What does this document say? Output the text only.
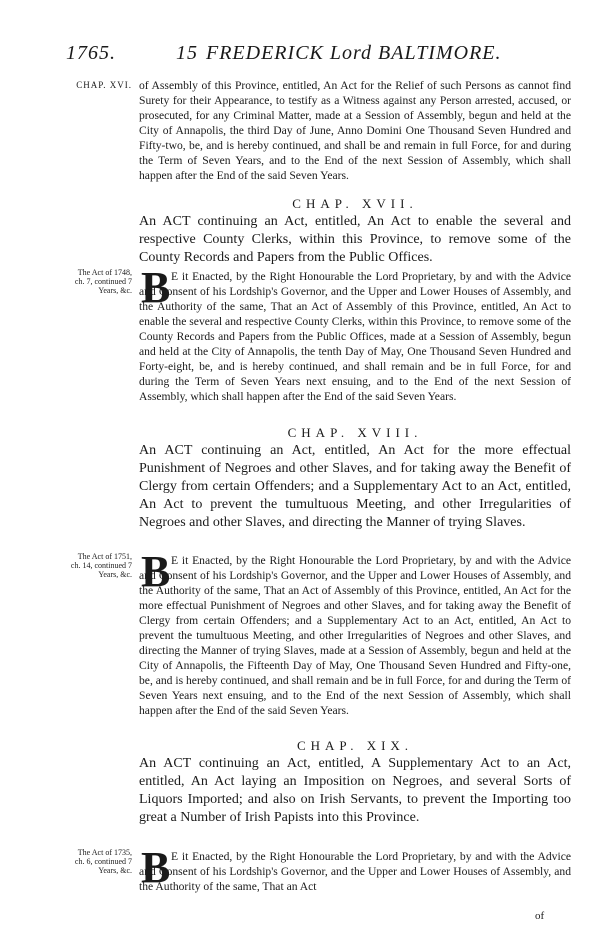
1765.	15 FREDERICK Lord BALTIMORE.
CHAP. XVI. of Assembly of this Province, entitled, An Act for the Relief of such Persons as cannot find Surety for their Appearance, to testify as a Witness against any Person arrested, accused, or prosecuted, for any Criminal Matter, made at a Session of Assembly, begun and held at the City of Annapolis, the third Day of June, Anno Domini One Thousand Seven Hundred and Fifty-two, be, and is hereby continued, and shall be and remain in full Force, for and during the Term of Seven Years, and to the End of the next Session of Assembly, which shall happen after the End of the said Seven Years.
CHAP. XVII.
An ACT continuing an Act, entitled, An Act to enable the several and respective County Clerks, within this Province, to remove some of the County Records and Papers from the Public Offices.
The Act of 1748, ch. 7, continued 7 Years, &c. B E it Enacted, by the Right Honourable the Lord Proprietary, by and with the Advice and Consent of his Lordship's Governor, and the Upper and Lower Houses of Assembly, and the Authority of the same, That an Act of Assembly of this Province, entitled, An Act to enable the several and respective County Clerks, within this Province, to remove some of the County Records and Papers from the Public Offices, made at a Session of Assembly, begun and held at the City of Annapolis, the tenth Day of May, One Thousand Seven Hundred and Forty-eight, be, and is hereby continued, and shall remain and be in full Force, for and during the Term of Seven Years next ensuing, and to the End of the next Session of Assembly, which shall happen after the End of the said Seven Years.
CHAP. XVIII.
An ACT continuing an Act, entitled, An Act for the more effectual Punishment of Negroes and other Slaves, and for taking away the Benefit of Clergy from certain Offenders; and a Supplementary Act to an Act, entitled, An Act to prevent the tumultuous Meeting, and other Irregularities of Negroes and other Slaves, and directing the Manner of trying Slaves.
The Act of 1751, ch. 14, continued 7 Years, &c. B E it Enacted, by the Right Honourable the Lord Proprietary, by and with the Advice and Consent of his Lordship's Governor, and the Upper and Lower Houses of Assembly, and the Authority of the same, That an Act of Assembly of this Province, entitled, An Act for the more effectual Punishment of Negroes and other Slaves, and for taking away the Benefit of Clergy from certain Offenders; and a Supplementary Act to an Act, entitled, An Act to prevent the tumultuous Meeting, and other Irregularities of Negroes and other Slaves, and directing the Manner of trying Slaves, made at a Session of Assembly, begun and held at the City of Annapolis, the Fifteenth Day of May, One Thousand Seven Hundred and Fifty-one, be, and is hereby continued, and shall remain and be in full Force, for and during the Term of Seven Years next ensuing, and to the End of the next Session of Assembly, which shall happen after the End of the said Seven Years.
CHAP. XIX.
An ACT continuing an Act, entitled, A Supplementary Act to an Act, entitled, An Act laying an Imposition on Negroes, and several Sorts of Liquors Imported; and also on Irish Servants, to prevent the Importing too great a Number of Irish Papists into this Province.
The Act of 1735, ch. 6, continued 7 Years, &c. B E it Enacted, by the Right Honourable the Lord Proprietary, by and with the Advice and Consent of his Lordship's Governor, and the Upper and Lower Houses of Assembly, and the Authority of the same, That an Act
of
